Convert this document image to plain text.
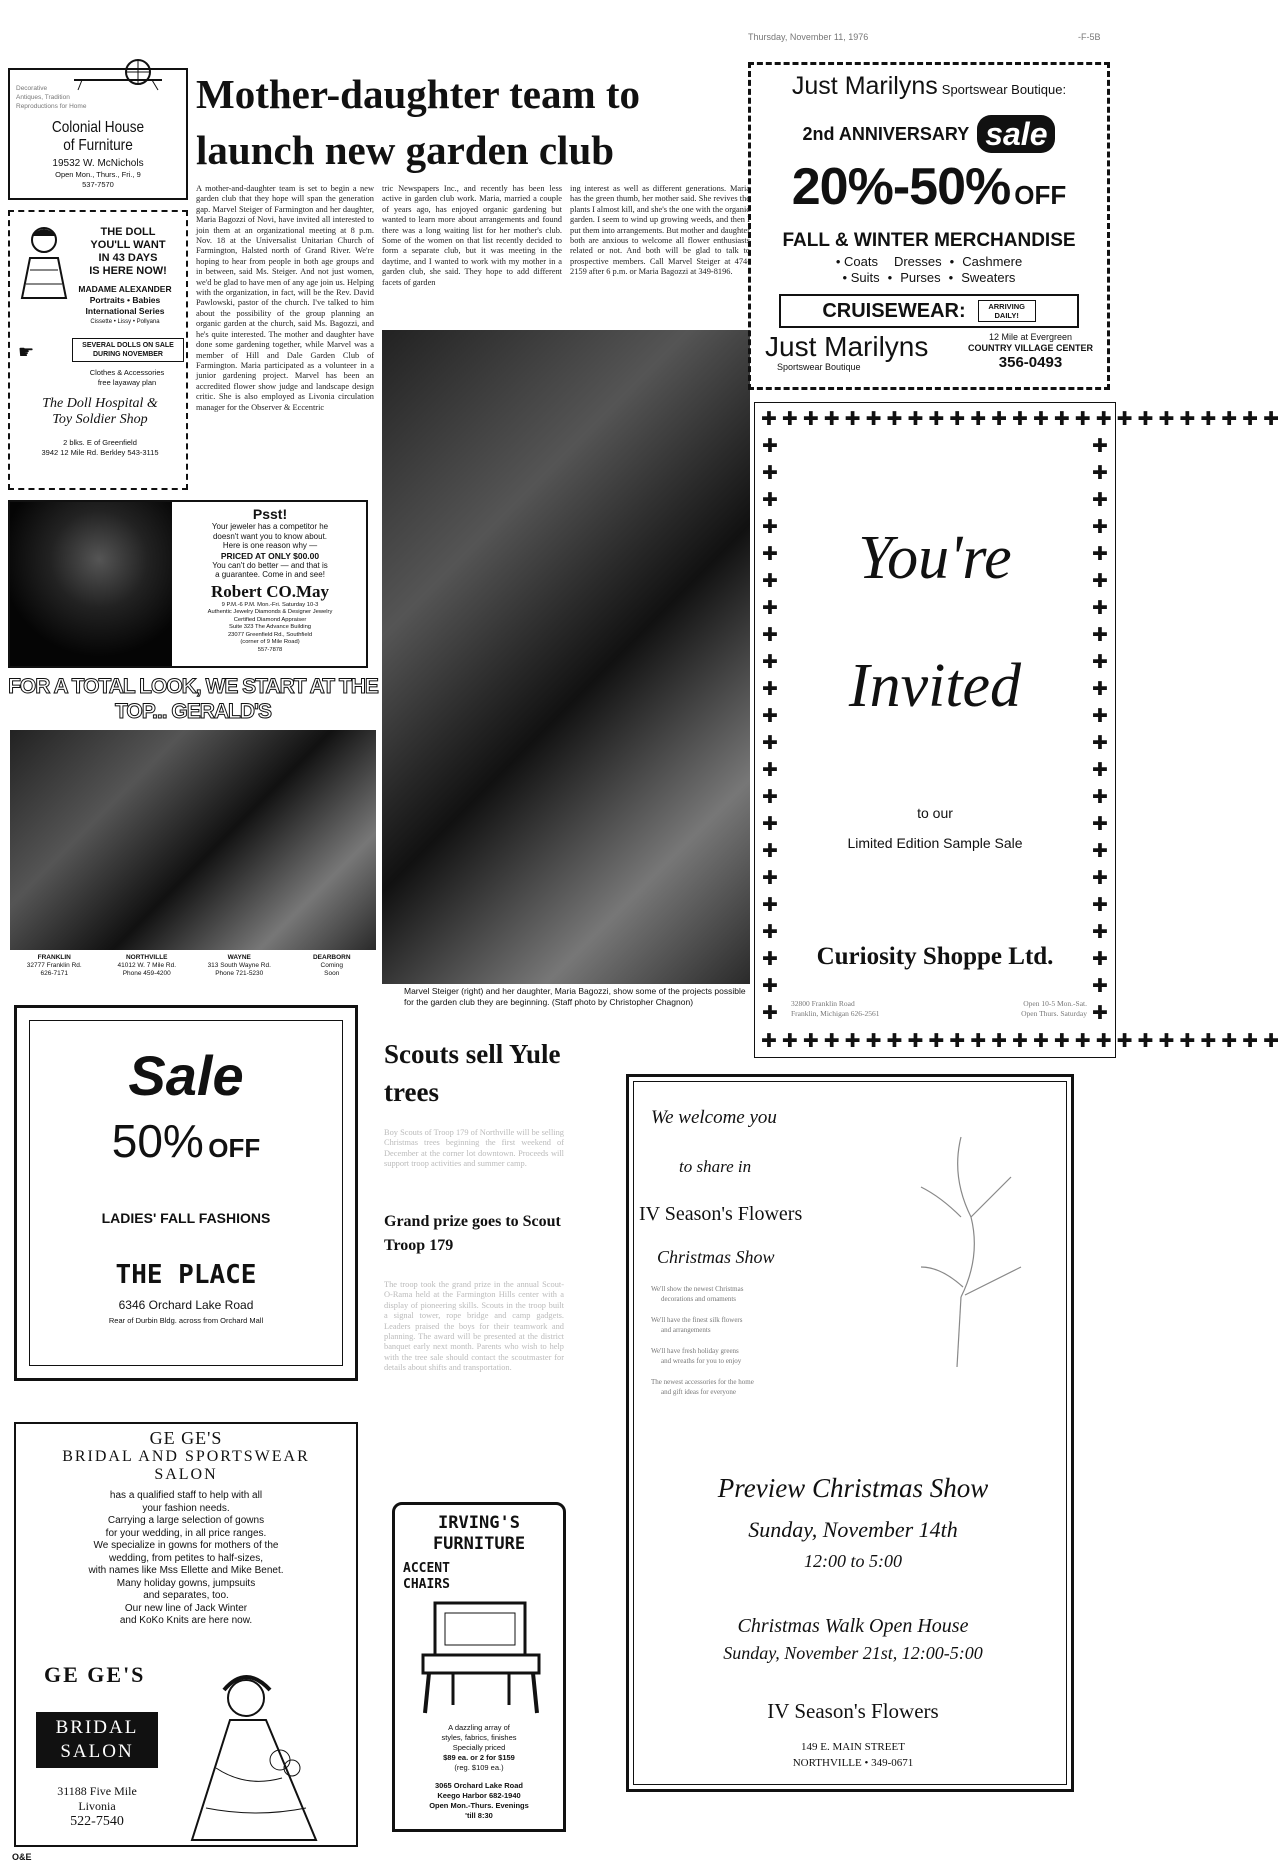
Thursday, November 11, 1976	-F-5B
Decorative
Antiques, Tradition
Reproductions for Home
Colonial House
of Furniture
19532 W. McNichols
Open Mon., Thurs., Fri., 9
537-7570
THE DOLL
YOU'LL WANT
IN 43 DAYS
IS HERE NOW!
MADAME ALEXANDER
Portraits • Babies
International Series
Cissette • Lissy • Pollyana
SEVERAL DOLLS ON SALE DURING NOVEMBER
☛
Clothes & Accessories
free layaway plan
The Doll Hospital &
Toy Soldier Shop
2 blks. E of Greenfield
3942 12 Mile Rd. Berkley 543-3115
Psst!
Your jeweler has a competitor he
doesn't want you to know about.
Here is one reason why —
PRICED AT ONLY $00.00
You can't do better — and that is
a guarantee. Come in and see!
Robert CO.May
9 P.M.-6 P.M. Mon.-Fri. Saturday 10-3
Authentic Jewelry Diamonds & Designer Jewelry
Certified Diamond Appraiser
Suite 323 The Advance Building
23077 Greenfield Rd., Southfield
(corner of 9 Mile Road)
557-7878
FOR A TOTAL LOOK, WE START AT THE TOP... GERALD'S
FRANKLIN
32777 Franklin Rd.
626-7171
NORTHVILLE
41012 W. 7 Mile Rd.
Phone 459-4200
WAYNE
313 South Wayne Rd.
Phone 721-5230
DEARBORN
Coming
Soon
Sale
50% OFF
LADIES' FALL FASHIONS
THE PLACE
6346 Orchard Lake Road
Rear of Durbin Bldg. across from Orchard Mall
GE GE'S
BRIDAL AND SPORTSWEAR
SALON
has a qualified staff to help with all
your fashion needs.
Carrying a large selection of gowns
for your wedding, in all price ranges.
We specialize in gowns for mothers of the
wedding, from petites to half-sizes,
with names like Mss Ellette and Mike Benet.
Many holiday gowns, jumpsuits
and separates, too.
Our new line of Jack Winter
and KoKo Knits are here now.
GE GE'S
BRIDAL
SALON
31188 Five Mile
Livonia
522-7540
Mother-daughter team to launch new garden club
A mother-and-daughter team is set to begin a new garden club that they hope will span the generation gap. Marvel Steiger of Farmington and her daughter, Maria Bagozzi of Novi, have invited all interested to join them at an organizational meeting at 8 p.m. Nov. 18 at the Universalist Unitarian Church of Farmington, Halsted north of Grand River. We're hoping to hear from people in both age groups and in between, said Ms. Steiger. And not just women, we'd be glad to have men of any age join us. Helping with the organization, in fact, will be the Rev. David Pawlowski, pastor of the church. I've talked to him about the possibility of the group planning an organic garden at the church, said Ms. Bagozzi, and he's quite interested. The mother and daughter have done some gardening together, while Marvel was a member of Hill and Dale Garden Club of Farmington. Maria participated as a volunteer in a junior gardening project. Marvel has been an accredited flower show judge and landscape design critic. She is also employed as Livonia circulation manager for the Observer & Eccentric
tric Newspapers Inc., and recently has been less active in garden club work. Maria, married a couple of years ago, has enjoyed organic gardening but wanted to learn more about arrangements and found there was a long waiting list for her mother's club. Some of the women on that list recently decided to form a separate club, but it was meeting in the daytime, and I wanted to work with my mother in a garden club, she said. They hope to add different facets of garden
ing interest as well as different generations. Maria has the green thumb, her mother said. She revives the plants I almost kill, and she's the one with the organic garden. I seem to wind up growing weeds, and then I put them into arrangements. But mother and daughter both are anxious to welcome all flower enthusiasts related or not. And both will be glad to talk to prospective members. Call Marvel Steiger at 474-2159 after 6 p.m. or Maria Bagozzi at 349-8196.
Marvel Steiger (right) and her daughter, Maria Bagozzi, show some of the projects possible for the garden club they are beginning. (Staff photo by Christopher Chagnon)
Scouts sell Yule trees
Boy Scouts of Troop 179 of Northville will be selling Christmas trees beginning the first weekend of December at the corner lot downtown. Proceeds will support troop activities and summer camp.
Grand prize goes to Scout Troop 179
The troop took the grand prize in the annual Scout-O-Rama held at the Farmington Hills center with a display of pioneering skills. Scouts in the troop built a signal tower, rope bridge and camp gadgets. Leaders praised the boys for their teamwork and planning. The award will be presented at the district banquet early next month. Parents who wish to help with the tree sale should contact the scoutmaster for details about shifts and transportation.
IRVING'S
FURNITURE
ACCENT
CHAIRS
A dazzling array of
styles, fabrics, finishes
Specially priced
$89 ea. or 2 for $159
(reg. $109 ea.)
3065 Orchard Lake Road
Keego Harbor 682-1940
Open Mon.-Thurs. Evenings
'till 8:30
Just Marilyns Sportswear Boutique:
2nd ANNIVERSARY sale
20%-50% OFF
FALL & WINTER MERCHANDISE
• Coats Dresses • Cashmere
• Suits • Purses • Sweaters
CRUISEWEAR:	ARRIVING DAILY!
Just Marilyns
Sportswear Boutique
12 Mile at Evergreen
COUNTRY VILLAGE CENTER
356-0493
✚✚✚✚✚✚✚✚✚✚✚✚✚✚✚✚✚✚✚✚✚✚✚✚✚
✚✚✚✚✚✚✚✚✚✚✚✚✚✚✚✚✚✚✚✚✚✚✚✚✚
✚
✚
✚
✚
✚
✚
✚
✚
✚
✚
✚
✚
✚
✚
✚
✚
✚
✚
✚
✚
✚
✚
✚
✚
✚
✚
✚
✚
✚
✚
✚
✚
✚
✚
✚
✚
✚
✚
✚
✚
✚
✚
✚
✚
You're
Invited
to our
Limited Edition Sample Sale
Curiosity Shoppe Ltd.
32800 Franklin Road
Franklin, Michigan 626-2561
Open 10-5 Mon.-Sat.
Open Thurs. Saturday
We welcome you
to share in
IV Season's Flowers
Christmas Show
We'll show the newest Christmas
decorations and ornaments
We'll have the finest silk flowers
and arrangements
We'll have fresh holiday greens
and wreaths for you to enjoy
The newest accessories for the home
and gift ideas for everyone
Preview Christmas Show
Sunday, November 14th
12:00 to 5:00
Christmas Walk Open House
Sunday, November 21st, 12:00-5:00
IV Season's Flowers
149 E. MAIN STREET
NORTHVILLE • 349-0671
O&E
